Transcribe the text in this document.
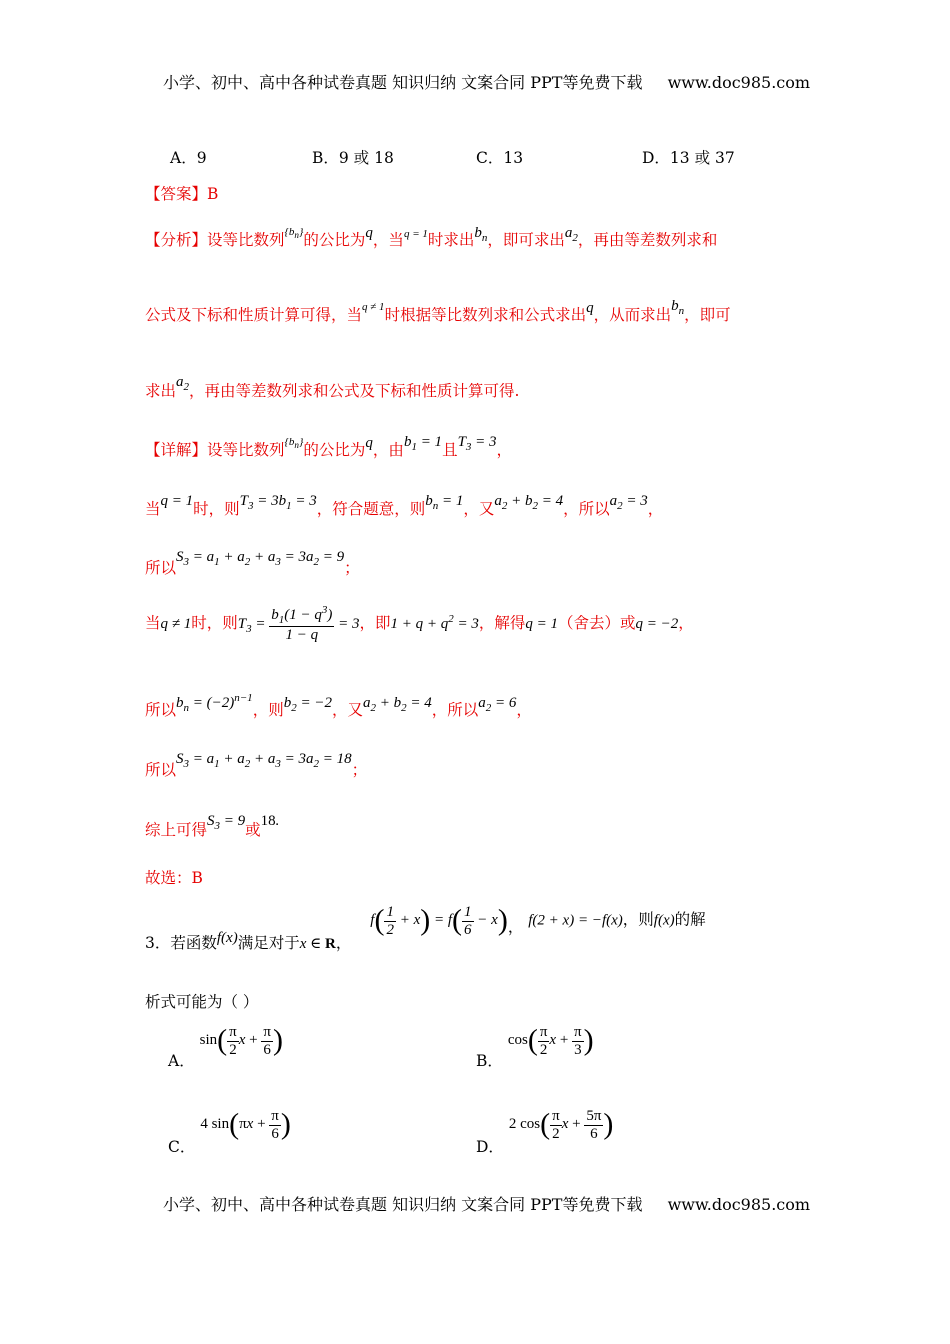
小学、初中、高中各种试卷真题 知识归纳 文案合同 PPT等免费下载 www.doc985.com
A．9	B．9 或 18	C．13	D．13 或 37
【答案】B
【分析】设等比数列$^{\{b_n\}}$的公比为q，当$^{q = 1}$时求出$b_n$，即可求出$a_2$，再由等差数列求和
公式及下标和性质计算可得，当$^{q \ne 1}$时根据等比数列求和公式求出q，从而求出$b_n$，即可
求出$a_2$，再由等差数列求和公式及下标和性质计算可得.
【详解】设等比数列$^{\{b_n\}}$的公比为q，由$b_1 = 1$且$T_3 = 3$，
当q = 1时，则$T_3 = 3b_1 = 3$，符合题意，则$b_n = 1$，又$a_2 + b_2 = 4$，所以$a_2 = 3$，
所以$S_3 = a_1 + a_2 + a_3 = 3a_2 = 9$；
当q ≠ 1时，则$T_3 = \frac{b_1(1 - q^3)}{1 - q} = 3$，即$1 + q + q^2 = 3$，解得q = 1（舍去）或q = −2，
所以$b_n = (-2)^{n-1}$，则$b_2 = -2$，又$a_2 + b_2 = 4$，所以$a_2 = 6$，
所以$S_3 = a_1 + a_2 + a_3 = 3a_2 = 18$；
综上可得$S_3 = 9$或18.
故选：B
3．若函数f(x)满足对于x ∈ R， $f( \frac{1}{2} + x) = f( \frac{1}{6} - x)$， f(2 + x) = −f(x)，则f(x)的解
析式可能为（ ）
A． $\sin( \frac{\pi}{2}$ $x + \frac{\pi}{6}$ )
B． $\cos( \frac{\pi}{2}$ $x + \frac{\pi}{3}$ )
C． 4 $\sin(\pi x + \frac{\pi}{6}$ )
D． 2 $\cos( \frac{\pi}{2}$ $x + \frac{5\pi}{6}$ )
小学、初中、高中各种试卷真题 知识归纳 文案合同 PPT等免费下载 www.doc985.com
